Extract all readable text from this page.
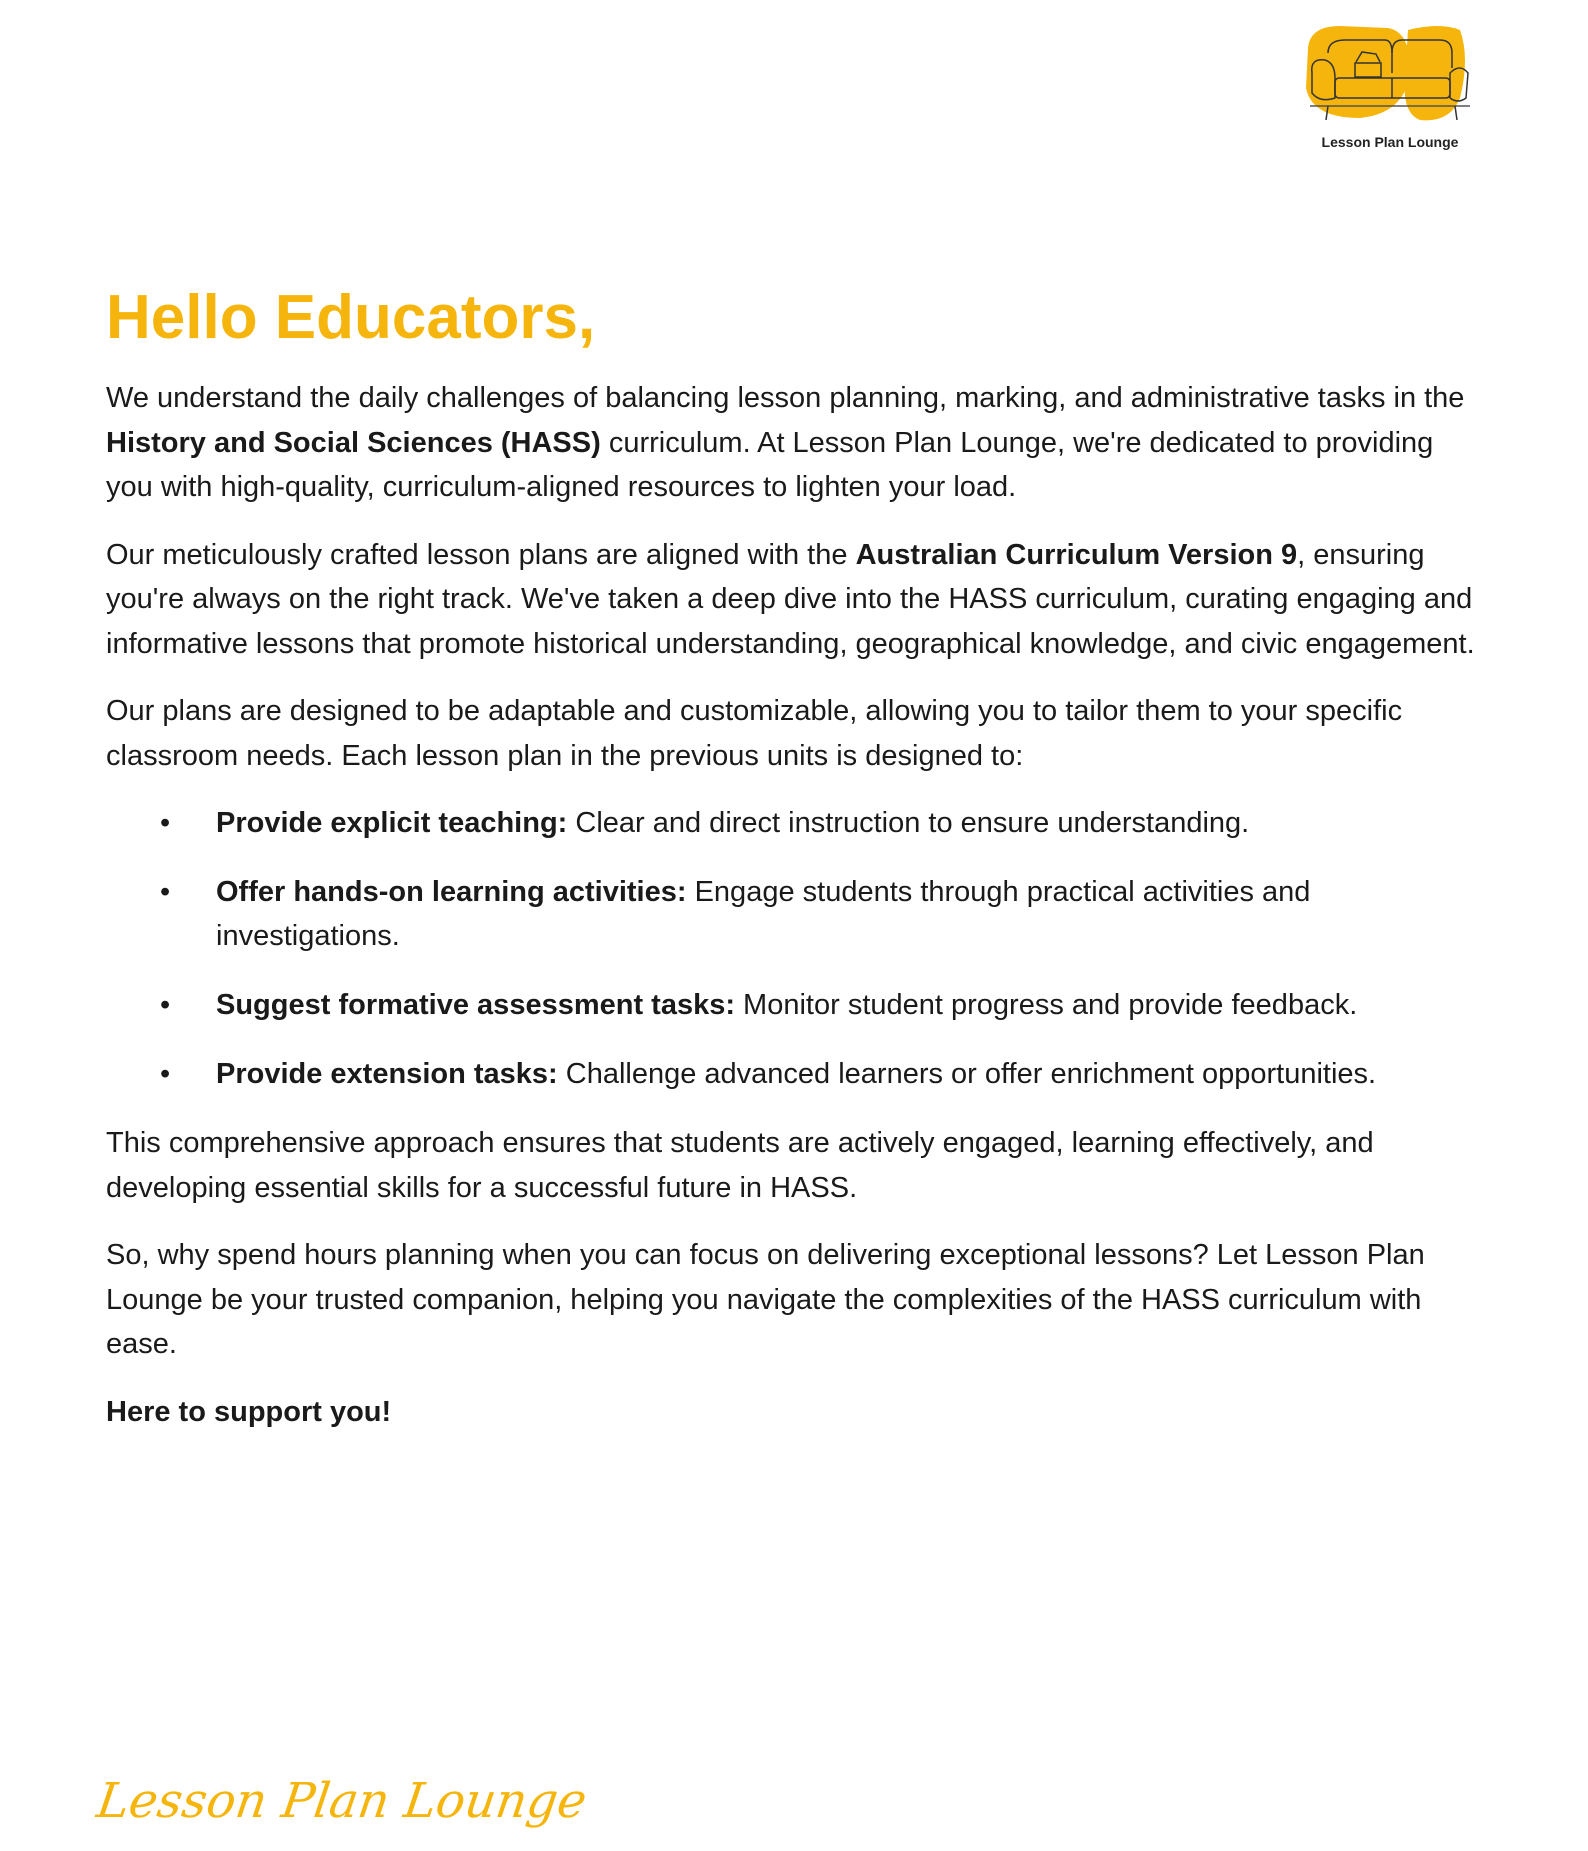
Lesson Plan Lounge
Hello Educators,

We understand the daily challenges of balancing lesson planning, marking, and administrative tasks in the History and Social Sciences (HASS) curriculum. At Lesson Plan Lounge, we're dedicated to providing you with high-quality, curriculum-aligned resources to lighten your load.

Our meticulously crafted lesson plans are aligned with the Australian Curriculum Version 9, ensuring you're always on the right track. We've taken a deep dive into the HASS curriculum, curating engaging and informative lessons that promote historical understanding, geographical knowledge, and civic engagement.

Our plans are designed to be adaptable and customizable, allowing you to tailor them to your specific classroom needs. Each lesson plan in the previous units is designed to:

• Provide explicit teaching: Clear and direct instruction to ensure understanding.
• Offer hands-on learning activities: Engage students through practical activities and investigations.
• Suggest formative assessment tasks: Monitor student progress and provide feedback.
• Provide extension tasks: Challenge advanced learners or offer enrichment opportunities.

This comprehensive approach ensures that students are actively engaged, learning effectively, and developing essential skills for a successful future in HASS.

So, why spend hours planning when you can focus on delivering exceptional lessons? Let Lesson Plan Lounge be your trusted companion, helping you navigate the complexities of the HASS curriculum with ease.

Here to support you!

Lesson Plan Lounge
